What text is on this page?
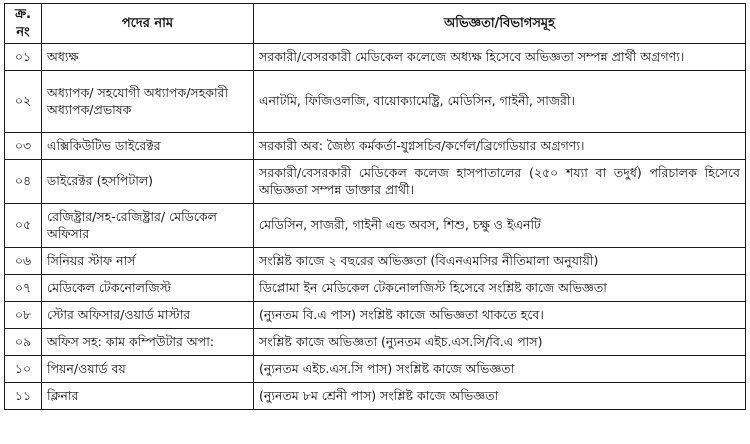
ক্র. নং	পদের নাম	অভিজ্ঞতা/বিভাগসমূহ
০১	অধ্যক্ষ	সরকারী/বেসরকারী মেডিকেল কলেজে অধ্যক্ষ হিসেবে অভিজ্ঞতা সম্পন্ন প্রার্থী অগ্রগণ্য।
০২	অধ্যাপক/ সহযোগী অধ্যাপক/সহকারী অধ্যাপক/প্রভাষক	এনাটমি, ফিজিওলজি, বায়োক্যামেষ্ট্রি, মেডিসিন, গাইনী, সাজরী।
০৩	এক্সিকিউটিভ ডাইরেক্টর	সরকারী অব: জৈষ্ঠ্য কর্মকর্তা-যুগ্নসচিব/কর্ণেল/ব্রিগেডিয়ার অগ্রগণ্য।
০৪	ডাইরেক্টর (হসপিটাল)	সরকারী/বেসরকারী মেডিকেল কলেজ হাসপাতালের (২৫০ শয্যা বা তদুর্ধ) পরিচালক হিসেবে অভিজ্ঞতা সম্পন্ন ডাক্তার প্রার্থী।
০৫	রেজিষ্ট্রার/সহ-রেজিষ্ট্রার/ মেডিকেল অফিসার	মেডিসিন, সাজরী, গাইনী এন্ড অবস, শিশু, চক্ষু ও ইএনটি
০৬	সিনিয়র স্টাফ নার্স	সংশ্লিষ্ট কাজে ২ বছরের অভিজ্ঞতা (বিএনএমসির নীতিমালা অনুযায়ী)
০৭	মেডিকেল টেকনোলজিস্ট	ডিপ্লোমা ইন মেডিকেল টেকনোলজিস্ট হিসেবে সংশ্লিষ্ট কাজে অভিজ্ঞতা
০৮	স্টোর অফিসার/ওয়ার্ড মাস্টার	(ন্যুনতম বি.এ পাস) সংশ্লিষ্ট কাজে অভিজ্ঞতা থাকতে হবে।
০৯	অফিস সহ: কাম কম্পিউটার অপা:	সংশ্লিষ্ট কাজে অভিজ্ঞতা (ন্যুনতম এইচ.এস.সি/বি.এ পাস)
১০	পিয়ন/ওয়ার্ড বয়	(ন্যুনতম এইচ.এস.সি পাস) সংশ্লিষ্ট কাজে অভিজ্ঞতা
১১	ক্লিনার	(ন্যুনতম ৮ম শ্রেনী পাস) সংশ্লিষ্ট কাজে অভিজ্ঞতা
